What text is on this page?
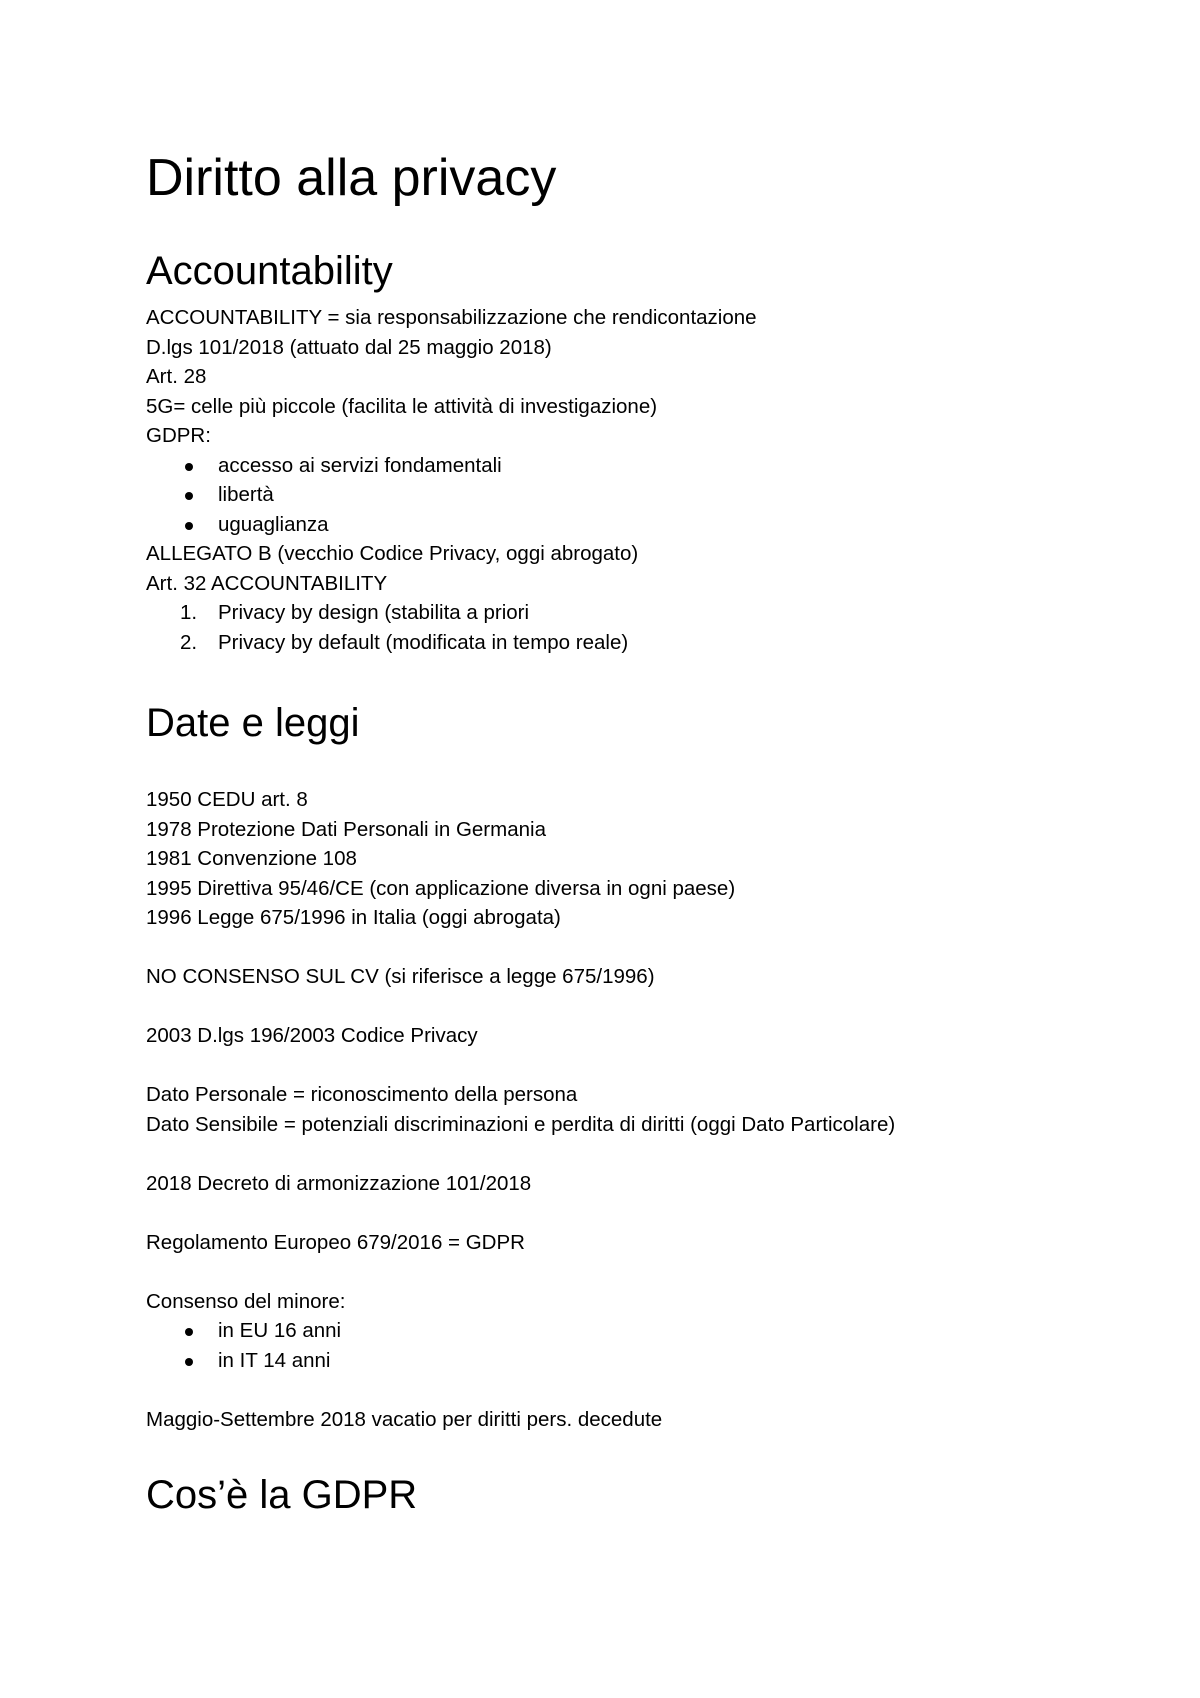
Diritto alla privacy
Accountability
ACCOUNTABILITY = sia responsabilizzazione che rendicontazione
D.lgs 101/2018 (attuato dal 25 maggio 2018)
Art. 28
5G= celle più piccole (facilita le attività di investigazione)
GDPR:
accesso ai servizi fondamentali
libertà
uguaglianza
ALLEGATO B (vecchio Codice Privacy, oggi abrogato)
Art. 32 ACCOUNTABILITY
1.	Privacy by design (stabilita a priori
2.	Privacy by default (modificata in tempo reale)
Date e leggi
1950 CEDU art. 8
1978 Protezione Dati Personali in Germania
1981 Convenzione 108
1995 Direttiva 95/46/CE (con applicazione diversa in ogni paese)
1996 Legge 675/1996 in Italia (oggi abrogata)
NO CONSENSO SUL CV (si riferisce a legge 675/1996)
2003 D.lgs 196/2003 Codice Privacy
Dato Personale = riconoscimento della persona
Dato Sensibile = potenziali discriminazioni e perdita di diritti (oggi Dato Particolare)
2018 Decreto di armonizzazione 101/2018
Regolamento Europeo 679/2016 = GDPR
Consenso del minore:
in EU 16 anni
in IT 14 anni
Maggio-Settembre 2018 vacatio per diritti pers. decedute
Cos’è la GDPR
